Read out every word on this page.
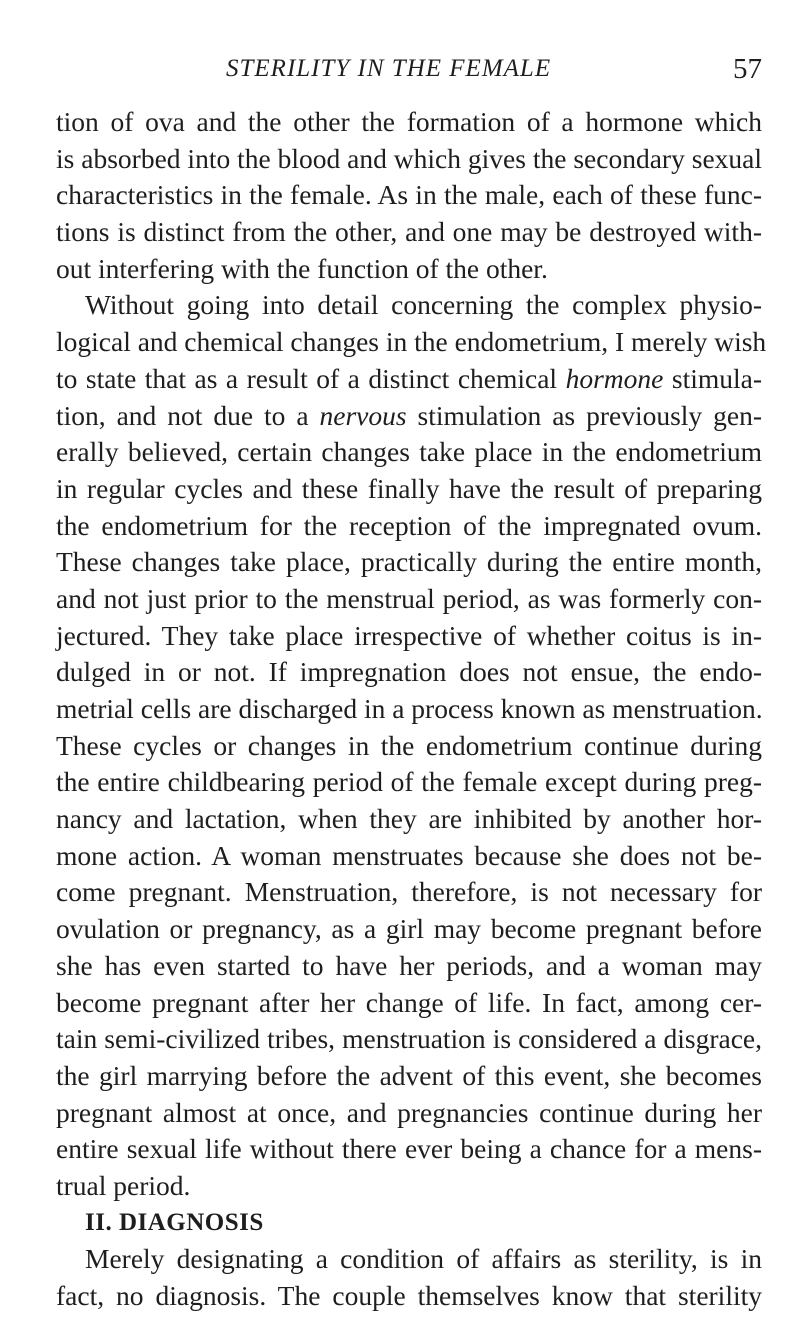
STERILITY IN THE FEMALE	57
tion of ova and the other the formation of a hormone which
is absorbed into the blood and which gives the secondary sexual
characteristics in the female. As in the male, each of these func-
tions is distinct from the other, and one may be destroyed with-
out interfering with the function of the other.
Without going into detail concerning the complex physio-
logical and chemical changes in the endometrium, I merely wish
to state that as a result of a distinct chemical hormone stimula-
tion, and not due to a nervous stimulation as previously gen-
erally believed, certain changes take place in the endometrium
in regular cycles and these finally have the result of preparing
the endometrium for the reception of the impregnated ovum.
These changes take place, practically during the entire month,
and not just prior to the menstrual period, as was formerly con-
jectured. They take place irrespective of whether coitus is in-
dulged in or not. If impregnation does not ensue, the endo-
metrial cells are discharged in a process known as menstruation.
These cycles or changes in the endometrium continue during
the entire childbearing period of the female except during preg-
nancy and lactation, when they are inhibited by another hor-
mone action. A woman menstruates because she does not be-
come pregnant. Menstruation, therefore, is not necessary for
ovulation or pregnancy, as a girl may become pregnant before
she has even started to have her periods, and a woman may
become pregnant after her change of life. In fact, among cer-
tain semi-civilized tribes, menstruation is considered a disgrace,
the girl marrying before the advent of this event, she becomes
pregnant almost at once, and pregnancies continue during her
entire sexual life without there ever being a chance for a mens-
trual period.
II. DIAGNOSIS
Merely designating a condition of affairs as sterility, is in
fact, no diagnosis. The couple themselves know that sterility
